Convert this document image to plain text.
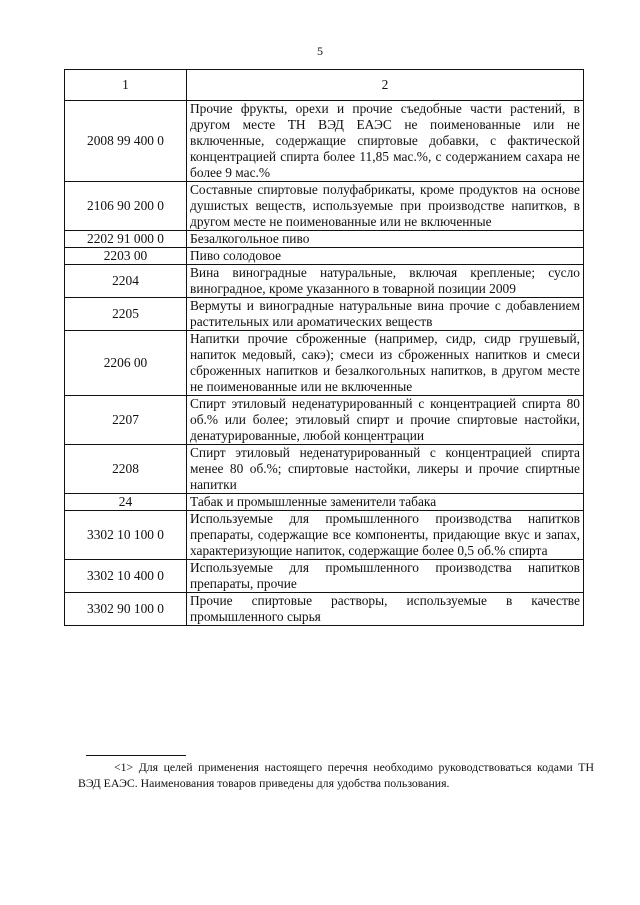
5
1	2
2008 99 400 0	Прочие фрукты, орехи и прочие съедобные части растений, в другом месте ТН ВЭД ЕАЭС не поименованные или не включенные, содержащие спиртовые добавки, с фактической концентрацией спирта более 11,85 мас.%, с содержанием сахара не более 9 мас.%
2106 90 200 0	Составные спиртовые полуфабрикаты, кроме продуктов на основе душистых веществ, используемые при производстве напитков, в другом месте не поименованные или не включенные
2202 91 000 0	Безалкогольное пиво
2203 00	Пиво солодовое
2204	Вина виноградные натуральные, включая крепленые; сусло виноградное, кроме указанного в товарной позиции 2009
2205	Вермуты и виноградные натуральные вина прочие с добавлением растительных или ароматических веществ
2206 00	Напитки прочие сброженные (например, сидр, сидр грушевый, напиток медовый, сакэ); смеси из сброженных напитков и смеси сброженных напитков и безалкогольных напитков, в другом месте не поименованные или не включенные
2207	Спирт этиловый неденатурированный с концентрацией спирта 80 об.% или более; этиловый спирт и прочие спиртовые настойки, денатурированные, любой концентрации
2208	Спирт этиловый неденатурированный с концентрацией спирта менее 80 об.%; спиртовые настойки, ликеры и прочие спиртные напитки
24	Табак и промышленные заменители табака
3302 10 100 0	Используемые для промышленного производства напитков препараты, содержащие все компоненты, придающие вкус и запах, характеризующие напиток, содержащие более 0,5 об.% спирта
3302 10 400 0	Используемые для промышленного производства напитков препараты, прочие
3302 90 100 0	Прочие спиртовые растворы, используемые в качестве промышленного сырья
<1> Для целей применения настоящего перечня необходимо руководствоваться кодами ТН ВЭД ЕАЭС. Наименования товаров приведены для удобства пользования.
